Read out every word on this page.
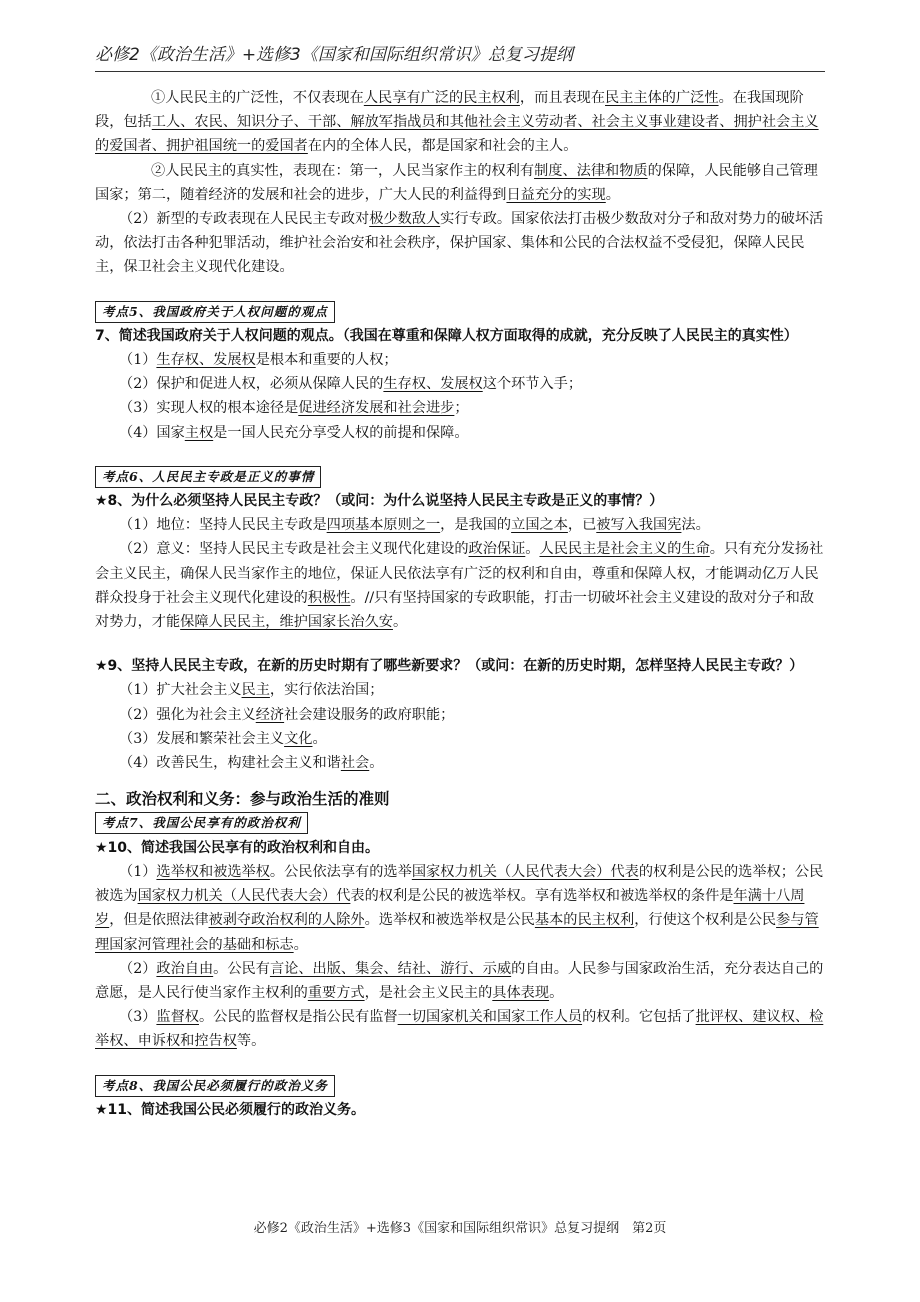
必修2《政治生活》+选修3《国家和国际组织常识》总复习提纲

①人民民主的广泛性，不仅表现在人民享有广泛的民主权利，而且表现在民主主体的广泛性。在我国现阶段，包括工人、农民、知识分子、干部、解放军指战员和其他社会主义劳动者、社会主义事业建设者、拥护社会主义的爱国者、拥护祖国统一的爱国者在内的全体人民，都是国家和社会的主人。

②人民民主的真实性，表现在：第一，人民当家作主的权利有制度、法律和物质的保障，人民能够自己管理国家；第二，随着经济的发展和社会的进步，广大人民的利益得到日益充分的实现。

（2）新型的专政表现在人民民主专政对极少数敌人实行专政。国家依法打击极少数敌对分子和敌对势力的破坏活动，依法打击各种犯罪活动，维护社会治安和社会秩序，保护国家、集体和公民的合法权益不受侵犯，保障人民民主，保卫社会主义现代化建设。

考点5、我国政府关于人权问题的观点

7、简述我国政府关于人权问题的观点。（我国在尊重和保障人权方面取得的成就，充分反映了人民民主的真实性）

（1）生存权、发展权是根本和重要的人权；

（2）保护和促进人权，必须从保障人民的生存权、发展权这个环节入手；

（3）实现人权的根本途径是促进经济发展和社会进步；

（4）国家主权是一国人民充分享受人权的前提和保障。

考点6、人民民主专政是正义的事情

★8、为什么必须坚持人民民主专政？（或问：为什么说坚持人民民主专政是正义的事情？）

（1）地位：坚持人民民主专政是四项基本原则之一，是我国的立国之本，已被写入我国宪法。

（2）意义：坚持人民民主专政是社会主义现代化建设的政治保证。人民民主是社会主义的生命。只有充分发扬社会主义民主，确保人民当家作主的地位，保证人民依法享有广泛的权利和自由，尊重和保障人权，才能调动亿万人民群众投身于社会主义现代化建设的积极性。//只有坚持国家的专政职能，打击一切破坏社会主义建设的敌对分子和敌对势力，才能保障人民民主，维护国家长治久安。

★9、坚持人民民主专政，在新的历史时期有了哪些新要求？（或问：在新的历史时期，怎样坚持人民民主专政？）

（1）扩大社会主义民主，实行依法治国；

（2）强化为社会主义经济社会建设服务的政府职能；

（3）发展和繁荣社会主义文化。

（4）改善民生，构建社会主义和谐社会。

二、政治权利和义务：参与政治生活的准则

考点7、我国公民享有的政治权利

★10、简述我国公民享有的政治权利和自由。

（1）选举权和被选举权。公民依法享有的选举国家权力机关（人民代表大会）代表的权利是公民的选举权；公民被选为国家权力机关（人民代表大会）代表的权利是公民的被选举权。享有选举权和被选举权的条件是年满十八周岁，但是依照法律被剥夺政治权利的人除外。选举权和被选举权是公民基本的民主权利，行使这个权利是公民参与管理国家河管理社会的基础和标志。

（2）政治自由。公民有言论、出版、集会、结社、游行、示威的自由。人民参与国家政治生活，充分表达自己的意愿，是人民行使当家作主权利的重要方式，是社会主义民主的具体表现。

（3）监督权。公民的监督权是指公民有监督一切国家机关和国家工作人员的权利。它包括了批评权、建议权、检举权、申诉权和控告权等。

考点8、我国公民必须履行的政治义务

★11、简述我国公民必须履行的政治义务。

必修2《政治生活》+选修3《国家和国际组织常识》总复习提纲　第2页
